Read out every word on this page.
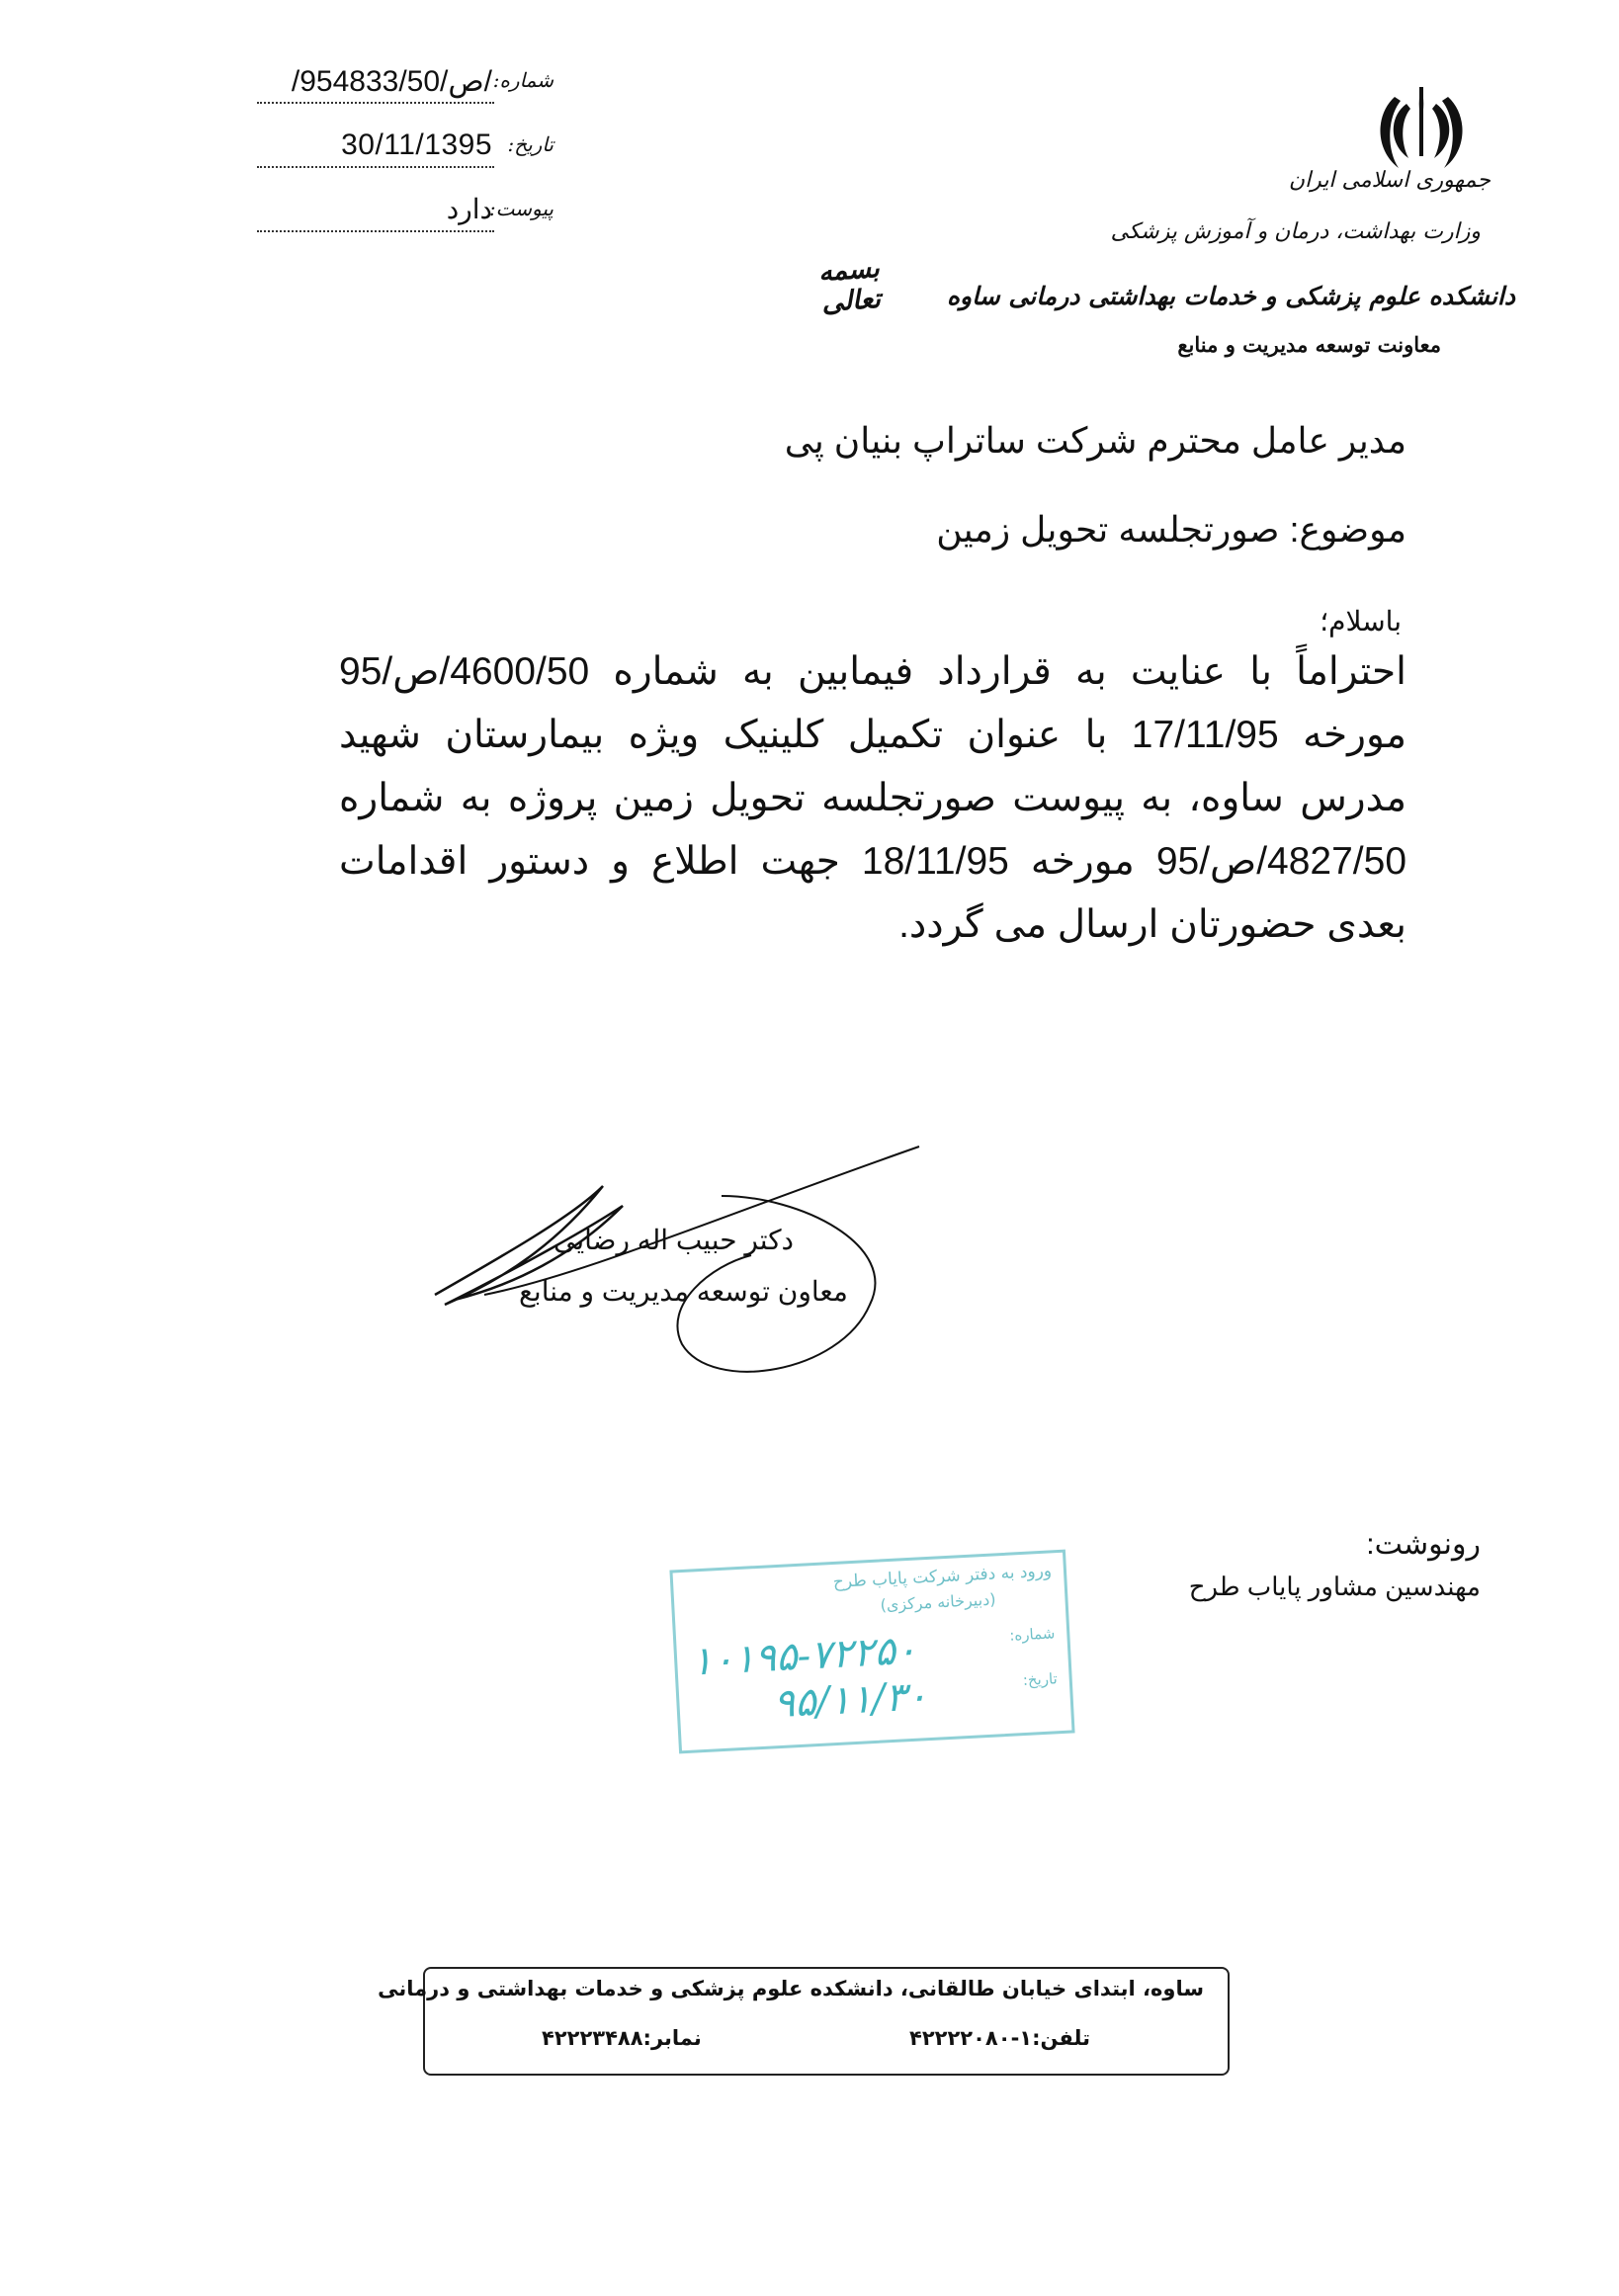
جمهوری اسلامی ایران
وزارت بهداشت، درمان و آموزش پزشکی
دانشکده علوم پزشکی و خدمات بهداشتی درمانی ساوه
معاونت توسعه مدیریت و منابع
شماره:
/95ص/4833/50/
تاریخ:
30/11/1395
پیوست:
دارد
بسمه تعالی
مدیر عامل محترم شرکت ساتراپ بنیان پی
موضوع: صورتجلسه تحویل زمین
باسلام؛
احتراماً با عنایت به قرارداد فیمابین به شماره 4600/50/ص/95 مورخه 17/11/95 با عنوان تکمیل کلینیک ویژه بیمارستان شهید مدرس ساوه، به پیوست صورتجلسه تحویل زمین پروژه به شماره 4827/50/ص/95 مورخه 18/11/95 جهت اطلاع و دستور اقدامات بعدی حضورتان ارسال می گردد.
دکتر حبیب اله رضایی
معاون توسعه مدیریت و منابع
رونوشت:
مهندسین مشاور پایاب طرح
ورود به دفتر شرکت پایاب طرح
(دبیرخانه مرکزی)
شماره:
تاریخ:
۱۰۱۹۵-۷۲۲۵۰
۹۵/۱۱/۳۰
ساوه، ابتدای خیابان طالقانی، دانشکده علوم پزشکی و خدمات بهداشتی و درمانی
تلفن:۱-۴۲۲۲۲۰۸۰
نمابر:۴۲۲۲۳۴۸۸
